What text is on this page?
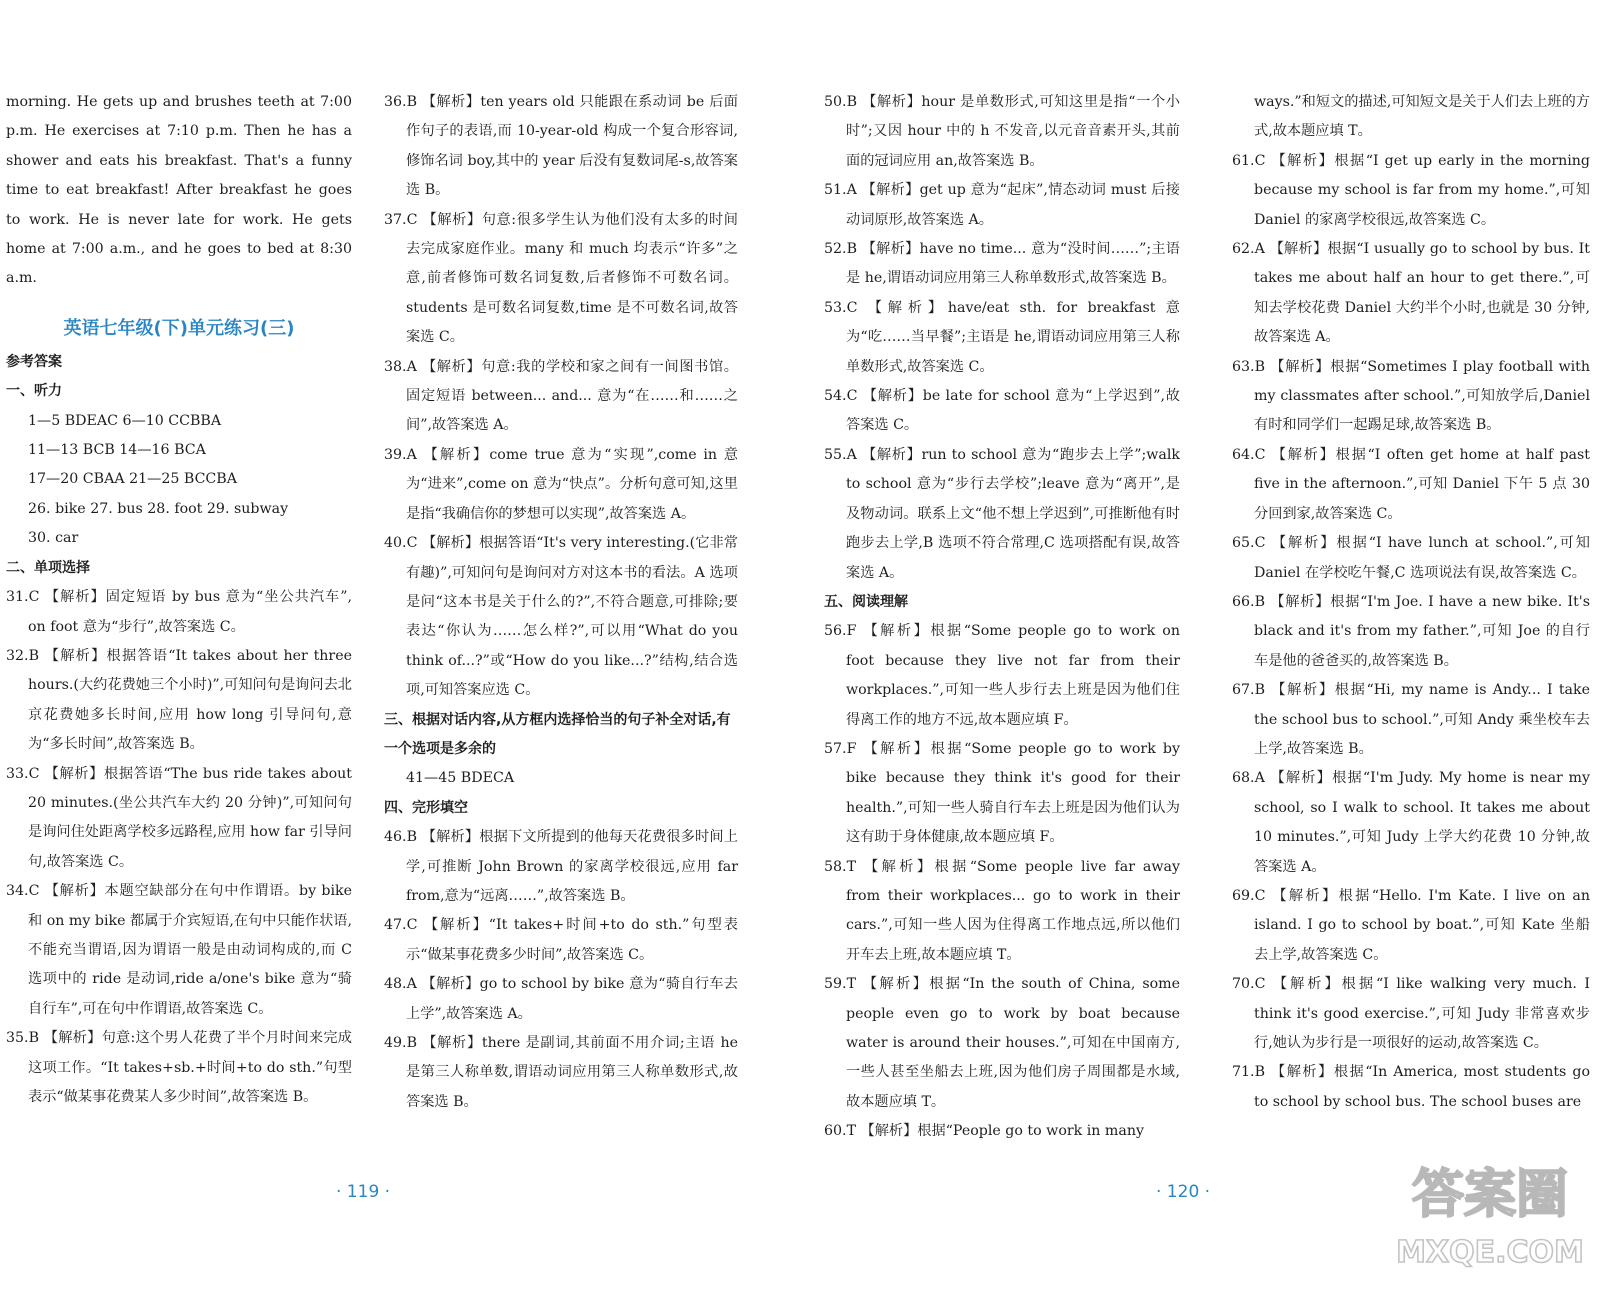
morning. He gets up and brushes teeth at 7:00 p.m. He exercises at 7:10 p.m. Then he has a shower and eats his breakfast. That's a funny time to eat breakfast! After breakfast he goes to work. He is never late for work. He gets home at 7:00 a.m., and he goes to bed at 8:30 a.m.

英语七年级(下)单元练习(三)
参考答案
一、听力
1—5 BDEAC 6—10 CCBBA
11—13 BCB 14—16 BCA
17—20 CBAA 21—25 BCCBA
26. bike 27. bus 28. foot 29. subway
30. car
二、单项选择

31.C 【解析】固定短语 by bus 意为“坐公共汽车”, on foot 意为“步行”,故答案选 C。

32.B 【解析】根据答语“It takes about her three hours.(大约花费她三个小时)”,可知问句是询问去北京花费她多长时间,应用 how long 引导问句,意为“多长时间”,故答案选 B。

33.C 【解析】根据答语“The bus ride takes about 20 minutes.(坐公共汽车大约 20 分钟)”,可知问句是询问住处距离学校多远路程,应用 how far 引导问句,故答案选 C。

34.C 【解析】本题空缺部分在句中作谓语。by bike 和 on my bike 都属于介宾短语,在句中只能作状语,不能充当谓语,因为谓语一般是由动词构成的,而 C 选项中的 ride 是动词,ride a/one's bike 意为“骑自行车”,可在句中作谓语,故答案选 C。

35.B 【解析】句意:这个男人花费了半个月时间来完成这项工作。“It takes+sb.+时间+to do sth.”句型表示“做某事花费某人多少时间”,故答案选 B。

36.B 【解析】ten years old 只能跟在系动词 be 后面作句子的表语,而 10-year-old 构成一个复合形容词,修饰名词 boy,其中的 year 后没有复数词尾-s,故答案选 B。

37.C 【解析】句意:很多学生认为他们没有太多的时间去完成家庭作业。many 和 much 均表示“许多”之意,前者修饰可数名词复数,后者修饰不可数名词。students 是可数名词复数,time 是不可数名词,故答案选 C。

38.A 【解析】句意:我的学校和家之间有一间图书馆。固定短语 between... and... 意为“在……和……之间”,故答案选 A。

39.A 【解析】come true 意为“实现”,come in 意为“进来”,come on 意为“快点”。分析句意可知,这里是指“我确信你的梦想可以实现”,故答案选 A。

40.C 【解析】根据答语“It's very interesting.(它非常有趣)”,可知问句是询问对方对这本书的看法。A 选项是问“这本书是关于什么的?”,不符合题意,可排除;要表达“你认为……怎么样?”,可以用“What do you think of...?”或“How do you like...?”结构,结合选项,可知答案应选 C。

三、根据对话内容,从方框内选择恰当的句子补全对话,有一个选项是多余的
41—45 BDECA
四、完形填空

46.B 【解析】根据下文所提到的他每天花费很多时间上学,可推断 John Brown 的家离学校很远,应用 far from,意为“远离……”,故答案选 B。

47.C 【解析】“It takes+时间+to do sth.”句型表示“做某事花费多少时间”,故答案选 C。

48.A 【解析】go to school by bike 意为“骑自行车去上学”,故答案选 A。

49.B 【解析】there 是副词,其前面不用介词;主语 he 是第三人称单数,谓语动词应用第三人称单数形式,故答案选 B。

50.B 【解析】hour 是单数形式,可知这里是指“一个小时”;又因 hour 中的 h 不发音,以元音音素开头,其前面的冠词应用 an,故答案选 B。

51.A 【解析】get up 意为“起床”,情态动词 must 后接动词原形,故答案选 A。

52.B 【解析】have no time... 意为“没时间……”;主语是 he,谓语动词应用第三人称单数形式,故答案选 B。

53.C 【解析】have/eat sth. for breakfast 意为“吃……当早餐”;主语是 he,谓语动词应用第三人称单数形式,故答案选 C。

54.C 【解析】be late for school 意为“上学迟到”,故答案选 C。

55.A 【解析】run to school 意为“跑步去上学”;walk to school 意为“步行去学校”;leave 意为“离开”,是及物动词。联系上文“他不想上学迟到”,可推断他有时跑步去上学,B 选项不符合常理,C 选项搭配有误,故答案选 A。

五、阅读理解

56.F 【解析】根据“Some people go to work on foot because they live not far from their workplaces.”,可知一些人步行去上班是因为他们住得离工作的地方不远,故本题应填 F。

57.F 【解析】根据“Some people go to work by bike because they think it's good for their health.”,可知一些人骑自行车去上班是因为他们认为这有助于身体健康,故本题应填 F。

58.T 【解析】根据“Some people live far away from their workplaces... go to work in their cars.”,可知一些人因为住得离工作地点远,所以他们开车去上班,故本题应填 T。

59.T 【解析】根据“In the south of China, some people even go to work by boat because water is around their houses.”,可知在中国南方,一些人甚至坐船去上班,因为他们房子周围都是水域,故本题应填 T。

60.T 【解析】根据“People go to work in many

ways.”和短文的描述,可知短文是关于人们去上班的方式,故本题应填 T。

61.C 【解析】根据“I get up early in the morning because my school is far from my home.”,可知 Daniel 的家离学校很远,故答案选 C。

62.A 【解析】根据“I usually go to school by bus. It takes me about half an hour to get there.”,可知去学校花费 Daniel 大约半个小时,也就是 30 分钟,故答案选 A。

63.B 【解析】根据“Sometimes I play football with my classmates after school.”,可知放学后,Daniel有时和同学们一起踢足球,故答案选 B。

64.C 【解析】根据“I often get home at half past five in the afternoon.”,可知 Daniel 下午 5 点 30 分回到家,故答案选 C。

65.C 【解析】根据“I have lunch at school.”,可知 Daniel 在学校吃午餐,C 选项说法有误,故答案选 C。

66.B 【解析】根据“I'm Joe. I have a new bike. It's black and it's from my father.”,可知 Joe 的自行车是他的爸爸买的,故答案选 B。

67.B 【解析】根据“Hi, my name is Andy... I take the school bus to school.”,可知 Andy 乘坐校车去上学,故答案选 B。

68.A 【解析】根据“I'm Judy. My home is near my school, so I walk to school. It takes me about 10 minutes.”,可知 Judy 上学大约花费 10 分钟,故答案选 A。

69.C 【解析】根据“Hello. I'm Kate. I live on an island. I go to school by boat.”,可知 Kate 坐船去上学,故答案选 C。

70.C 【解析】根据“I like walking very much. I think it's good exercise.”,可知 Judy 非常喜欢步行,她认为步行是一项很好的运动,故答案选 C。

71.B 【解析】根据“In America, most students go to school by school bus. The school buses are

· 119 ·	· 120 ·	答案圈
MXQE.COM
